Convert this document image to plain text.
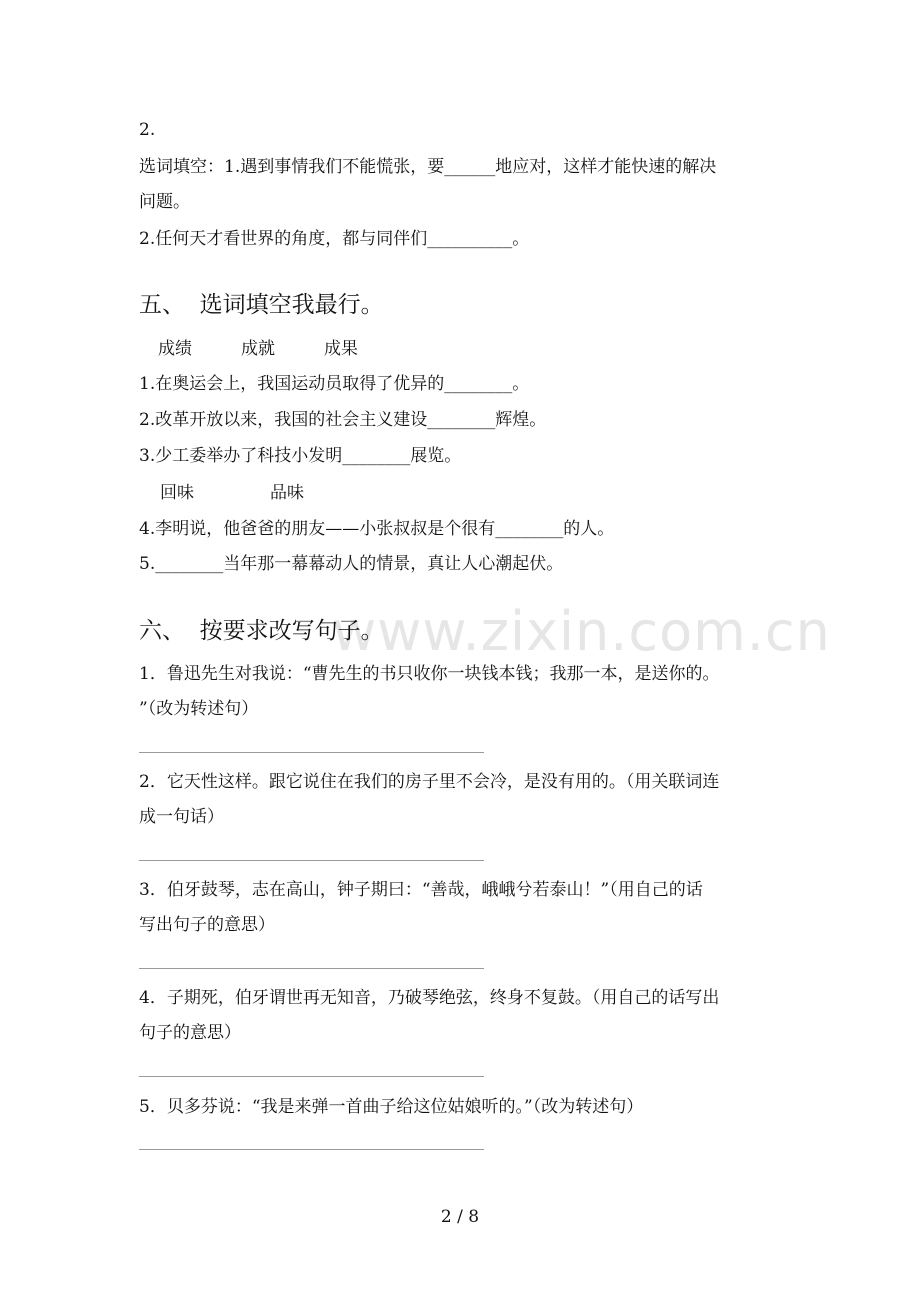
www.zixin.com.cn
2.
选词填空：1.遇到事情我们不能慌张，要______地应对，这样才能快速的解决
问题。
2.任何天才看世界的角度，都与同伴们__________。
五、  选词填空我最行。
成绩	成就	成果
1.在奥运会上，我国运动员取得了优异的________。
2.改革开放以来，我国的社会主义建设________辉煌。
3.少工委举办了科技小发明________展览。
回味	品味
4.李明说，他爸爸的朋友——小张叔叔是个很有________的人。
5.________当年那一幕幕动人的情景，真让人心潮起伏。
六、  按要求改写句子。
1．鲁迅先生对我说：“曹先生的书只收你一块钱本钱；我那一本，是送你的。
”（改为转述句）
2．它天性这样。跟它说住在我们的房子里不会冷，是没有用的。（用关联词连
成一句话）
3．伯牙鼓琴，志在高山，钟子期曰：“善哉，峨峨兮若泰山！”（用自己的话
写出句子的意思）
4．子期死，伯牙谓世再无知音，乃破琴绝弦，终身不复鼓。（用自己的话写出
句子的意思）
5．贝多芬说：“我是来弹一首曲子给这位姑娘听的。”（改为转述句）
2 / 8
